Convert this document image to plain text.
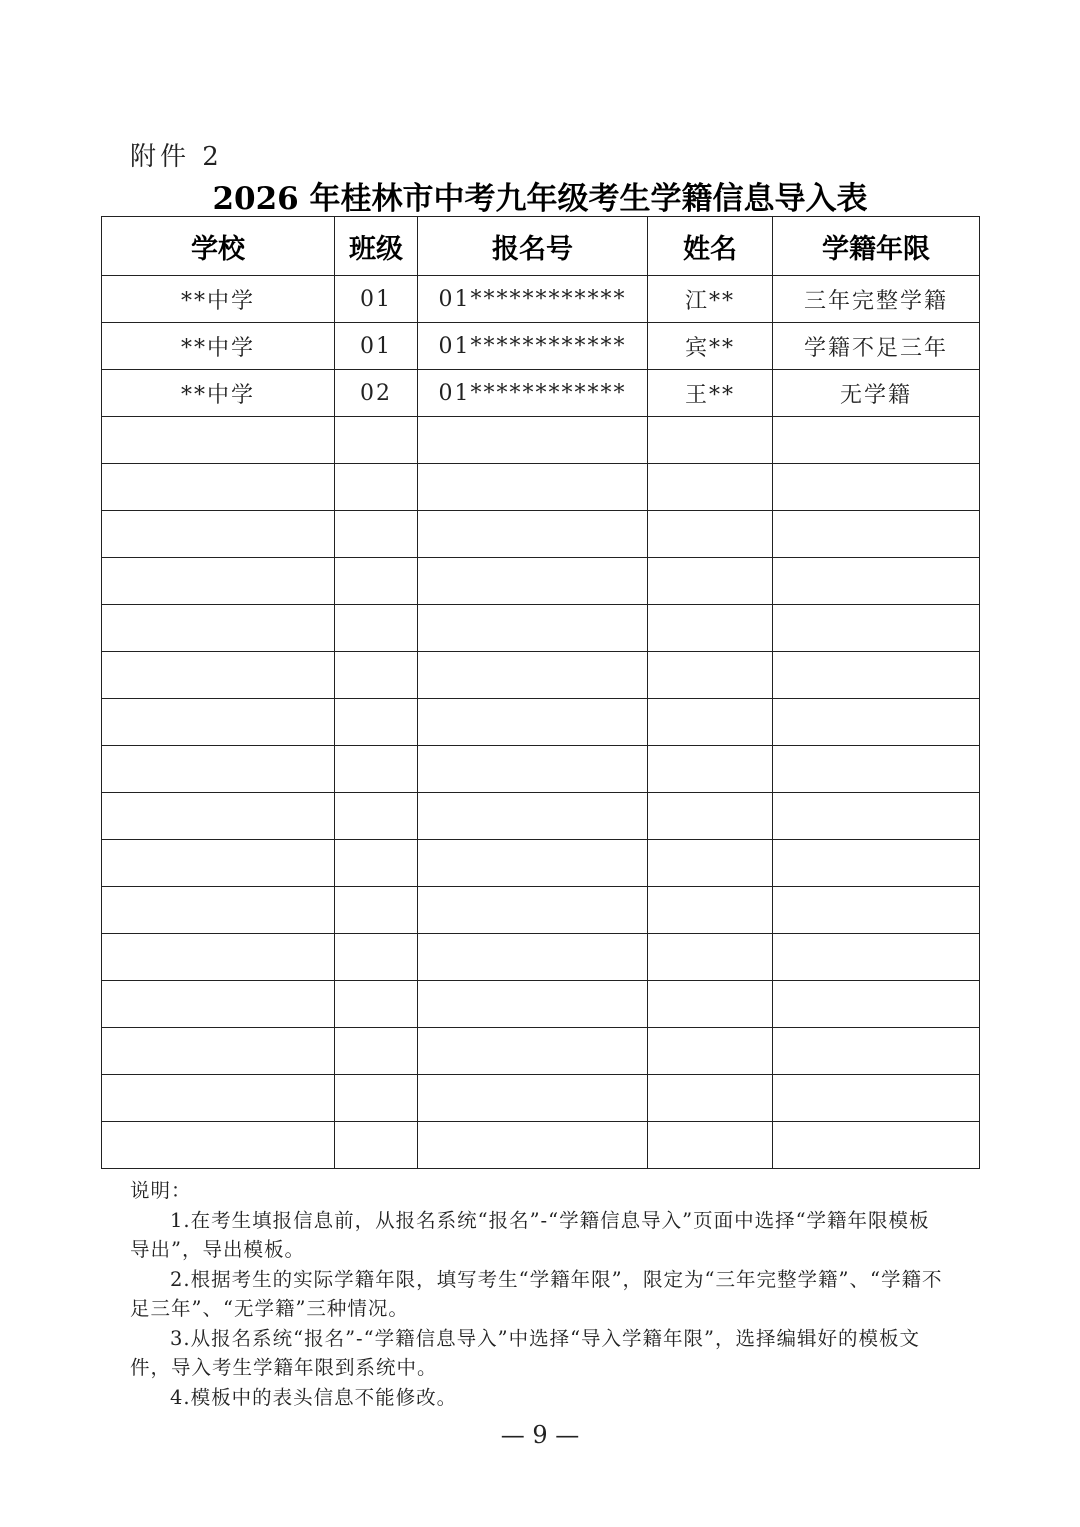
附件 2
2026 年桂林市中考九年级考生学籍信息导入表
学校	班级	报名号	姓名	学籍年限
**中学	01	01************	江**	三年完整学籍
**中学	01	01************	宾**	学籍不足三年
**中学	02	01************	王**	无学籍

说明：

1.在考生填报信息前，从报名系统“报名”-“学籍信息导入”页面中选择“学籍年限模板导出”，导出模板。

2.根据考生的实际学籍年限，填写考生“学籍年限”，限定为“三年完整学籍”、“学籍不足三年”、“无学籍”三种情况。

3.从报名系统“报名”-“学籍信息导入”中选择“导入学籍年限”，选择编辑好的模板文件，导入考生学籍年限到系统中。

4.模板中的表头信息不能修改。

— 9 —
